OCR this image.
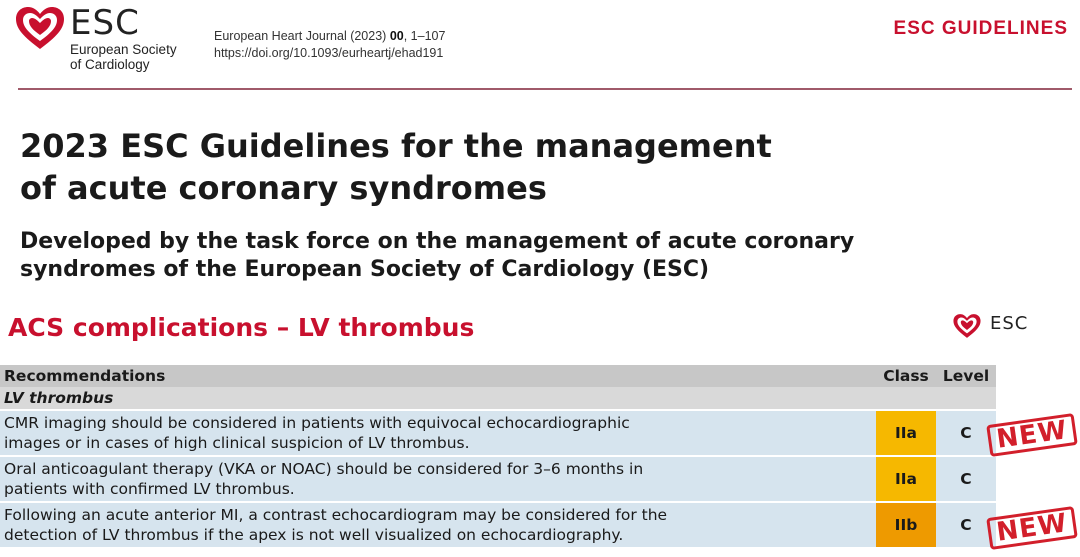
ESC
European Society
of Cardiology
European Heart Journal (2023) 00, 1–107
https://doi.org/10.1093/eurheartj/ehad191
ESC GUIDELINES
2023 ESC Guidelines for the management
of acute coronary syndromes
Developed by the task force on the management of acute coronary
syndromes of the European Society of Cardiology (ESC)
ACS complications – LV thrombus	ESC
Recommendations	Class	Level
LV thrombus		

CMR imaging should be considered in patients with equivocal echocardiographic
images or in cases of high clinical suspicion of LV thrombus.	IIa	C

Oral anticoagulant therapy (VKA or NOAC) should be considered for 3–6 months in
patients with confirmed LV thrombus.	IIa	C

Following an acute anterior MI, a contrast echocardiogram may be considered for the
detection of LV thrombus if the apex is not well visualized on echocardiography.	IIb	C
NEW
NEW
